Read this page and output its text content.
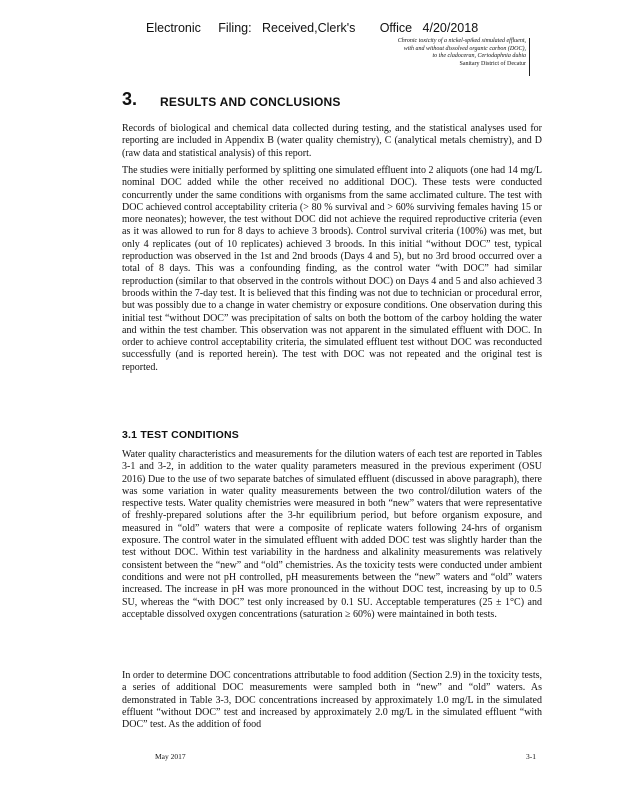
Electronic     Filing:   Received,Clerk's       Office   4/20/2018
Chronic toxicity of a nickel-spiked simulated effluent,
with and without dissolved organic carbon (DOC),
to the cladoceran, Ceriodaphnia dubia
Sanitary District of Decatur
3. RESULTS AND CONCLUSIONS
Records of biological and chemical data collected during testing, and the statistical analyses used for reporting are included in Appendix B (water quality chemistry), C (analytical metals chemistry), and D (raw data and statistical analysis) of this report.
The studies were initially performed by splitting one simulated effluent into 2 aliquots (one had 14 mg/L nominal DOC added while the other received no additional DOC). These tests were conducted concurrently under the same conditions with organisms from the same acclimated culture. The test with DOC achieved control acceptability criteria (> 80 % survival and > 60% surviving females having 15 or more neonates); however, the test without DOC did not achieve the required reproductive criteria (even as it was allowed to run for 8 days to achieve 3 broods). Control survival criteria (100%) was met, but only 4 replicates (out of 10 replicates) achieved 3 broods. In this initial “without DOC” test, typical reproduction was observed in the 1st and 2nd broods (Days 4 and 5), but no 3rd brood occurred over a total of 8 days. This was a confounding finding, as the control water “with DOC” had similar reproduction (similar to that observed in the controls without DOC) on Days 4 and 5 and also achieved 3 broods within the 7-day test. It is believed that this finding was not due to technician or procedural error, but was possibly due to a change in water chemistry or exposure conditions. One observation during this initial test “without DOC” was precipitation of salts on both the bottom of the carboy holding the water and within the test chamber. This observation was not apparent in the simulated effluent with DOC. In order to achieve control acceptability criteria, the simulated effluent test without DOC was reconducted successfully (and is reported herein). The test with DOC was not repeated and the original test is reported.
3.1 TEST CONDITIONS
Water quality characteristics and measurements for the dilution waters of each test are reported in Tables 3-1 and 3-2, in addition to the water quality parameters measured in the previous experiment (OSU 2016) Due to the use of two separate batches of simulated effluent (discussed in above paragraph), there was some variation in water quality measurements between the two control/dilution waters of the respective tests. Water quality chemistries were measured in both “new” waters that were representative of freshly-prepared solutions after the 3-hr equilibrium period, but before organism exposure, and measured in “old” waters that were a composite of replicate waters following 24-hrs of organism exposure. The control water in the simulated effluent with added DOC test was slightly harder than the test without DOC. Within test variability in the hardness and alkalinity measurements was relatively consistent between the “new” and “old” chemistries. As the toxicity tests were conducted under ambient conditions and were not pH controlled, pH measurements between the “new” waters and “old” waters increased. The increase in pH was more pronounced in the without DOC test, increasing by up to 0.5 SU, whereas the “with DOC” test only increased by 0.1 SU. Acceptable temperatures (25 ± 1°C) and acceptable dissolved oxygen concentrations (saturation ≥ 60%) were maintained in both tests.
In order to determine DOC concentrations attributable to food addition (Section 2.9) in the toxicity tests, a series of additional DOC measurements were sampled both in “new” and “old” waters. As demonstrated in Table 3-3, DOC concentrations increased by approximately 1.0 mg/L in the simulated effluent “without DOC” test and increased by approximately 2.0 mg/L in the simulated effluent “with DOC” test. As the addition of food
May 2017	3-1
